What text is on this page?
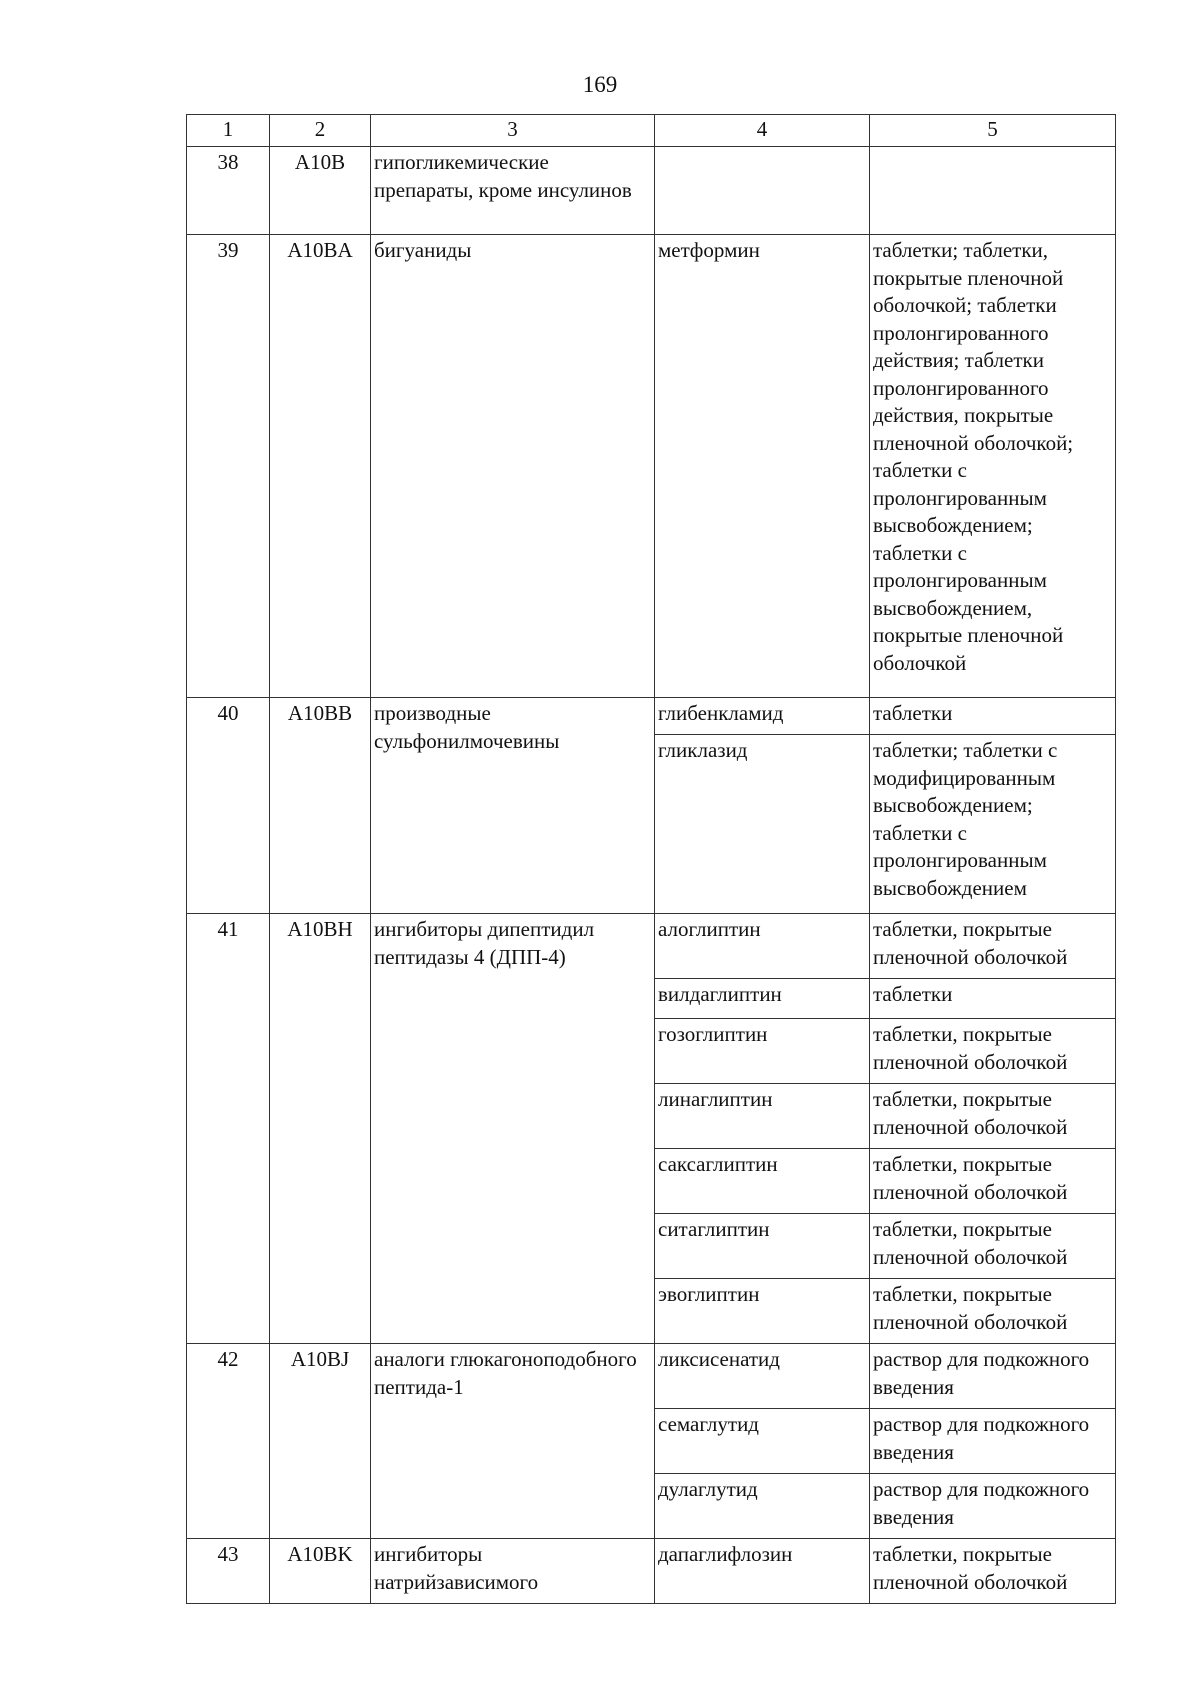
169
1	2	3	4	5
38	A10B	гипогликемические препараты, кроме инсулинов		
39	A10BA	бигуаниды	метформин	таблетки; таблетки, покрытые пленочной оболочкой; таблетки пролонгированного действия; таблетки пролонгированного действия, покрытые пленочной оболочкой; таблетки с пролонгированным высвобождением; таблетки с пролонгированным высвобождением, покрытые пленочной оболочкой
40	A10BB	производные сульфонилмочевины	глибенкламид	таблетки
			гликлазид	таблетки; таблетки с модифицированным высвобождением; таблетки с пролонгированным высвобождением
41	A10BH	ингибиторы дипептидил пептидазы 4 (ДПП-4)	алоглиптин	таблетки, покрытые пленочной оболочкой
			вилдаглиптин	таблетки
			гозоглиптин	таблетки, покрытые пленочной оболочкой
			линаглиптин	таблетки, покрытые пленочной оболочкой
			саксаглиптин	таблетки, покрытые пленочной оболочкой
			ситаглиптин	таблетки, покрытые пленочной оболочкой
			эвоглиптин	таблетки, покрытые пленочной оболочкой
42	A10BJ	аналоги глюкагоноподобного пептида-1	ликсисенатид	раствор для подкожного введения
			семаглутид	раствор для подкожного введения
			дулаглутид	раствор для подкожного введения
43	A10BK	ингибиторы натрийзависимого	дапаглифлозин	таблетки, покрытые пленочной оболочкой
